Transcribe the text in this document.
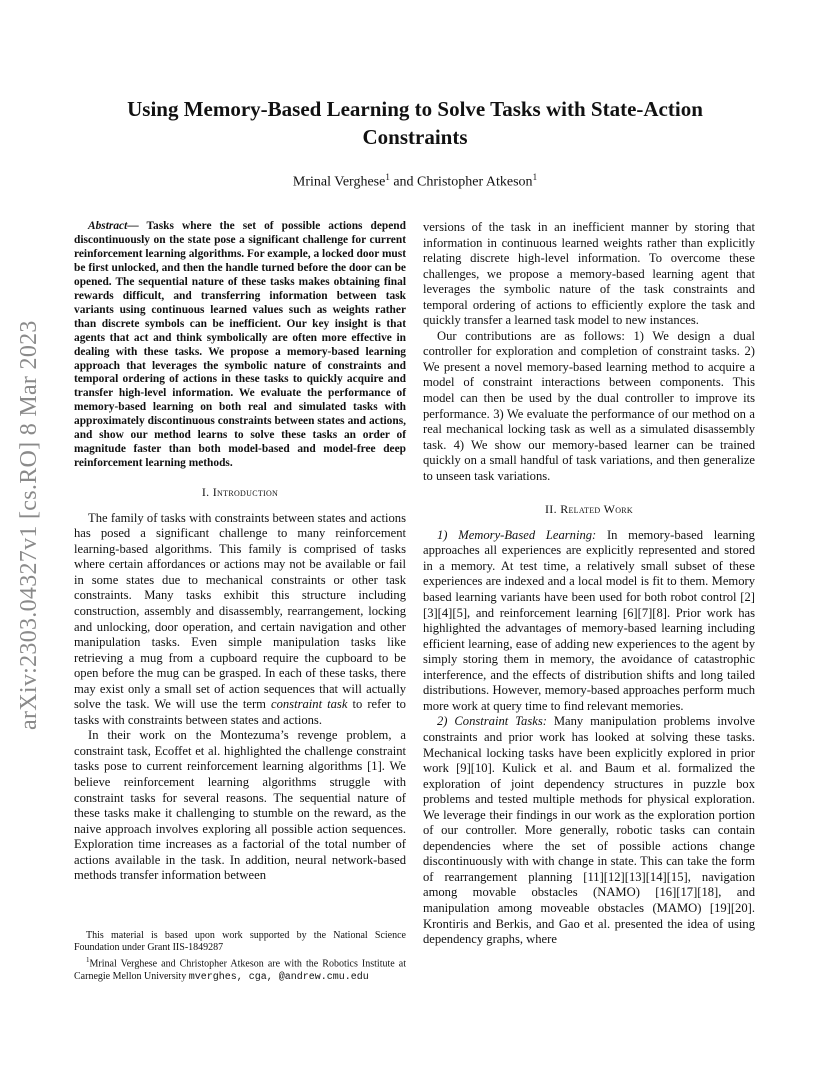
arXiv:2303.04327v1 [cs.RO] 8 Mar 2023
Using Memory-Based Learning to Solve Tasks with State-Action Constraints
Mrinal Verghese$^1$ and Christopher Atkeson$^1$

Abstract— Tasks where the set of possible actions depend discontinuously on the state pose a significant challenge for current reinforcement learning algorithms. For example, a locked door must be first unlocked, and then the handle turned before the door can be opened. The sequential nature of these tasks makes obtaining final rewards difficult, and transferring information between task variants using continuous learned values such as weights rather than discrete symbols can be inefficient. Our key insight is that agents that act and think symbolically are often more effective in dealing with these tasks. We propose a memory-based learning approach that leverages the symbolic nature of constraints and temporal ordering of actions in these tasks to quickly acquire and transfer high-level information. We evaluate the performance of memory-based learning on both real and simulated tasks with approximately discontinuous constraints between states and actions, and show our method learns to solve these tasks an order of magnitude faster than both model-based and model-free deep reinforcement learning methods.

I. Introduction

The family of tasks with constraints between states and actions has posed a significant challenge to many reinforcement learning-based algorithms. This family is comprised of tasks where certain affordances or actions may not be available or fail in some states due to mechanical constraints or other task constraints. Many tasks exhibit this structure including construction, assembly and disassembly, rearrangement, locking and unlocking, door operation, and certain navigation and other manipulation tasks. Even simple manipulation tasks like retrieving a mug from a cupboard require the cupboard to be open before the mug can be grasped. In each of these tasks, there may exist only a small set of action sequences that will actually solve the task. We will use the term constraint task to refer to tasks with constraints between states and actions.

In their work on the Montezuma’s revenge problem, a constraint task, Ecoffet et al. highlighted the challenge constraint tasks pose to current reinforcement learning algorithms [1]. We believe reinforcement learning algorithms struggle with constraint tasks for several reasons. The sequential nature of these tasks make it challenging to stumble on the reward, as the naive approach involves exploring all possible action sequences. Exploration time increases as a factorial of the total number of actions available in the task. In addition, neural network-based methods transfer information between

This material is based upon work supported by the National Science Foundation under Grant IIS-1849287

$^1$Mrinal Verghese and Christopher Atkeson are with the Robotics Institute at Carnegie Mellon University mverghes, cga, @andrew.cmu.edu

versions of the task in an inefficient manner by storing that information in continuous learned weights rather than explicitly relating discrete high-level information. To overcome these challenges, we propose a memory-based learning agent that leverages the symbolic nature of the task constraints and temporal ordering of actions to efficiently explore the task and quickly transfer a learned task model to new instances.

Our contributions are as follows: 1) We design a dual controller for exploration and completion of constraint tasks. 2) We present a novel memory-based learning method to acquire a model of constraint interactions between components. This model can then be used by the dual controller to improve its performance. 3) We evaluate the performance of our method on a real mechanical locking task as well as a simulated disassembly task. 4) We show our memory-based learner can be trained quickly on a small handful of task variations, and then generalize to unseen task variations.

II. Related Work

1) Memory-Based Learning: In memory-based learning approaches all experiences are explicitly represented and stored in a memory. At test time, a relatively small subset of these experiences are indexed and a local model is fit to them. Memory based learning variants have been used for both robot control [2][3][4][5], and reinforcement learning [6][7][8]. Prior work has highlighted the advantages of memory-based learning including efficient learning, ease of adding new experiences to the agent by simply storing them in memory, the avoidance of catastrophic interference, and the effects of distribution shifts and long tailed distributions. However, memory-based approaches perform much more work at query time to find relevant memories.

2) Constraint Tasks: Many manipulation problems involve constraints and prior work has looked at solving these tasks. Mechanical locking tasks have been explicitly explored in prior work [9][10]. Kulick et al. and Baum et al. formalized the exploration of joint dependency structures in puzzle box problems and tested multiple methods for physical exploration. We leverage their findings in our work as the exploration portion of our controller. More generally, robotic tasks can contain dependencies where the set of possible actions change discontinuously with with change in state. This can take the form of rearrangement planning [11][12][13][14][15], navigation among movable obstacles (NAMO) [16][17][18], and manipulation among moveable obstacles (MAMO) [19][20]. Krontiris and Berkis, and Gao et al. presented the idea of using dependency graphs, where
